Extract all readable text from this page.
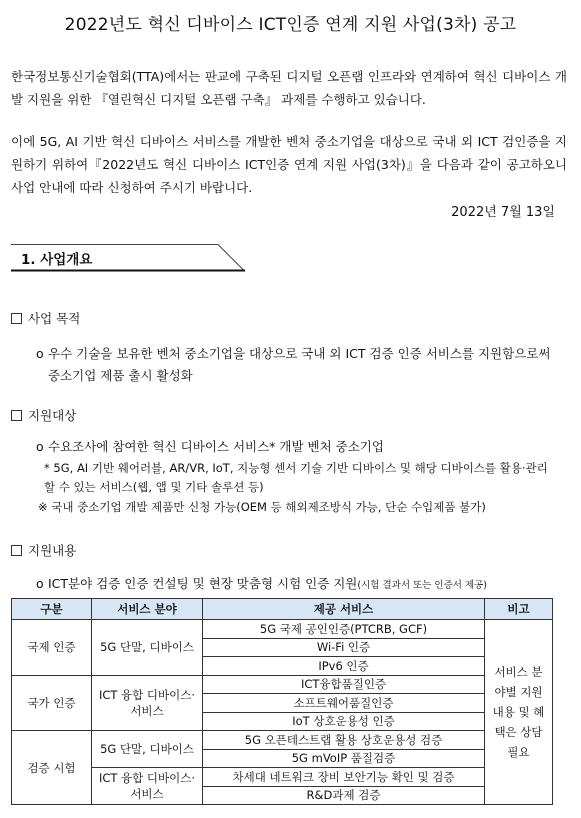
2022년도 혁신 디바이스 ICT인증 연계 지원 사업(3차) 공고
한국정보통신기술협회(TTA)에서는 판교에 구축된 디지털 오픈랩 인프라와 연계하여 혁신 디바이스 개발 지원을 위한 『열린혁신 디지털 오픈랩 구축』 과제를 수행하고 있습니다.
이에 5G, AI 기반 혁신 디바이스 서비스를 개발한 벤처 중소기업을 대상으로 국내 외 ICT 검인증을 지원하기 위하여『2022년도 혁신 디바이스 ICT인증 연계 지원 사업(3차)』을 다음과 같이 공고하오니 사업 안내에 따라 신청하여 주시기 바랍니다.
2022년 7월 13일
1. 사업개요
사업 목적
o 우수 기술을 보유한 벤처 중소기업을 대상으로 국내 외 ICT 검증 인증 서비스를 지원함으로써 중소기업 제품 출시 활성화
지원대상
o 수요조사에 참여한 혁신 디바이스 서비스* 개발 벤처 중소기업
* 5G, AI 기반 웨어러블, AR/VR, IoT, 지능형 센서 기술 기반 디바이스 및 해당 디바이스를 활용·관리할 수 있는 서비스(웹, 앱 및 기타 솔루션 등)
※ 국내 중소기업 개발 제품만 신청 가능(OEM 등 해외제조방식 가능, 단순 수입제품 불가)
지원내용
o ICT분야 검증 인증 컨설팅 및 현장 맞춤형 시험 인증 지원(시험 결과서 또는 인증서 제공)
구분	서비스 분야	제공 서비스	비고
국제 인증	5G 단말, 디바이스	5G 국제 공인인증(PTCRB, GCF)	서비스 분야별 지원 내용 및 혜택은 상담 필요
		Wi-Fi 인증	
		IPv6 인증	
국가 인증	ICT 융합 디바이스·서비스	ICT융합품질인증	
		소프트웨어품질인증	
		IoT 상호운용성 인증	
검증 시험	5G 단말, 디바이스	5G 오픈테스트랩 활용 상호운용성 검증	
		5G mVoIP 품질검증	
	ICT 융합 디바이스·서비스	차세대 네트워크 장비 보안기능 확인 및 검증	
		R&D과제 검증	
